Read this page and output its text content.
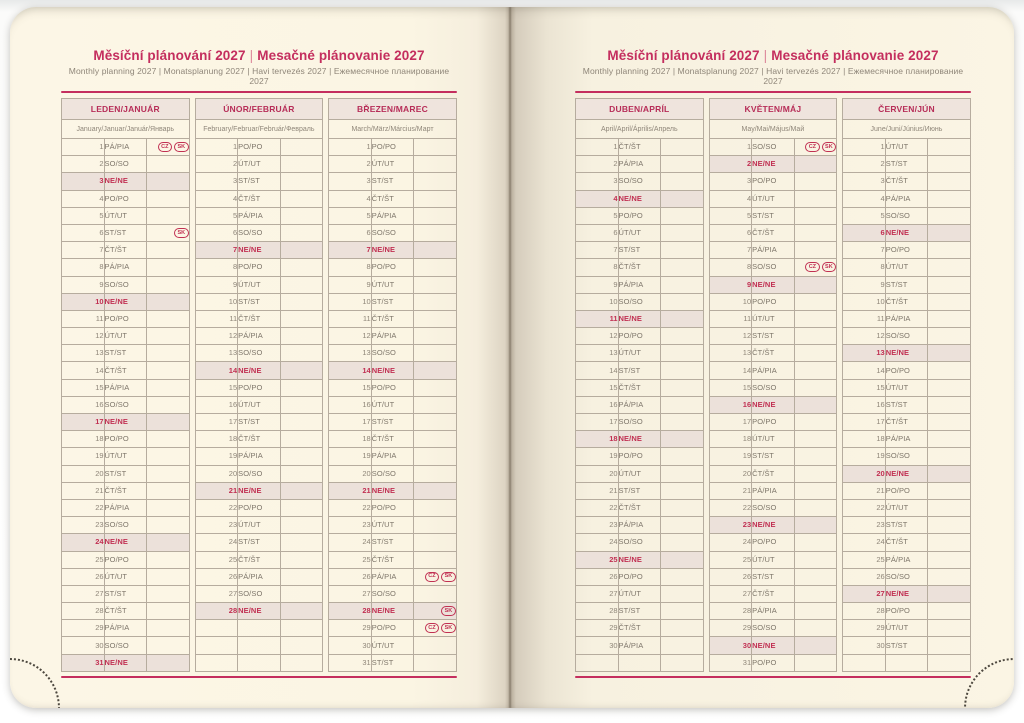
Měsíční plánování 2027 | Mesačné plánovanie 2027
Monthly planning 2027 | Monatsplanung 2027 | Havi tervezés 2027 | Ежемесячное планирование 2027
LEDEN/JANUÁR		
January/Januar/Január/Январь		
1	PÁ/PIA	CZ SK
2	SO/SO	
3	NE/NE	
4	PO/PO	
5	ÚT/UT	
6	ST/ST	SK
7	ČT/ŠT	
8	PÁ/PIA	
9	SO/SO	
10	NE/NE	
11	PO/PO	
12	ÚT/UT	
13	ST/ST	
14	ČT/ŠT	
15	PÁ/PIA	
16	SO/SO	
17	NE/NE	
18	PO/PO	
19	ÚT/UT	
20	ST/ST	
21	ČT/ŠT	
22	PÁ/PIA	
23	SO/SO	
24	NE/NE	
25	PO/PO	
26	ÚT/UT	
27	ST/ST	
28	ČT/ŠT	
29	PÁ/PIA	
30	SO/SO	
31	NE/NE	
ÚNOR/FEBRUÁR		
February/Februar/Február/Февраль		
1	PO/PO	
2	ÚT/UT	
3	ST/ST	
4	ČT/ŠT	
5	PÁ/PIA	
6	SO/SO	
7	NE/NE	
8	PO/PO	
9	ÚT/UT	
10	ST/ST	
11	ČT/ŠT	
12	PÁ/PIA	
13	SO/SO	
14	NE/NE	
15	PO/PO	
16	ÚT/UT	
17	ST/ST	
18	ČT/ŠT	
19	PÁ/PIA	
20	SO/SO	
21	NE/NE	
22	PO/PO	
23	ÚT/UT	
24	ST/ST	
25	ČT/ŠT	
26	PÁ/PIA	
27	SO/SO	
28	NE/NE	

BŘEZEN/MAREC		
March/März/Március/Март		
1	PO/PO	
2	ÚT/UT	
3	ST/ST	
4	ČT/ŠT	
5	PÁ/PIA	
6	SO/SO	
7	NE/NE	
8	PO/PO	
9	ÚT/UT	
10	ST/ST	
11	ČT/ŠT	
12	PÁ/PIA	
13	SO/SO	
14	NE/NE	
15	PO/PO	
16	ÚT/UT	
17	ST/ST	
18	ČT/ŠT	
19	PÁ/PIA	
20	SO/SO	
21	NE/NE	
22	PO/PO	
23	ÚT/UT	
24	ST/ST	
25	ČT/ŠT	
26	PÁ/PIA	CZ SK
27	SO/SO	
28	NE/NE	SK
29	PO/PO	CZ SK
30	ÚT/UT	
31	ST/ST	
Měsíční plánování 2027 | Mesačné plánovanie 2027
Monthly planning 2027 | Monatsplanung 2027 | Havi tervezés 2027 | Ежемесячное планирование 2027
DUBEN/APRÍL		
April/April/Április/Апрель		
1	ČT/ŠT	
2	PÁ/PIA	
3	SO/SO	
4	NE/NE	
5	PO/PO	
6	ÚT/UT	
7	ST/ST	
8	ČT/ŠT	
9	PÁ/PIA	
10	SO/SO	
11	NE/NE	
12	PO/PO	
13	ÚT/UT	
14	ST/ST	
15	ČT/ŠT	
16	PÁ/PIA	
17	SO/SO	
18	NE/NE	
19	PO/PO	
20	ÚT/UT	
21	ST/ST	
22	ČT/ŠT	
23	PÁ/PIA	
24	SO/SO	
25	NE/NE	
26	PO/PO	
27	ÚT/UT	
28	ST/ST	
29	ČT/ŠT	
30	PÁ/PIA	

KVĚTEN/MÁJ		
May/Mai/Május/Май		
1	SO/SO	CZ SK
2	NE/NE	
3	PO/PO	
4	ÚT/UT	
5	ST/ST	
6	ČT/ŠT	
7	PÁ/PIA	
8	SO/SO	CZ SK
9	NE/NE	
10	PO/PO	
11	ÚT/UT	
12	ST/ST	
13	ČT/ŠT	
14	PÁ/PIA	
15	SO/SO	
16	NE/NE	
17	PO/PO	
18	ÚT/UT	
19	ST/ST	
20	ČT/ŠT	
21	PÁ/PIA	
22	SO/SO	
23	NE/NE	
24	PO/PO	
25	ÚT/UT	
26	ST/ST	
27	ČT/ŠT	
28	PÁ/PIA	
29	SO/SO	
30	NE/NE	
31	PO/PO	
ČERVEN/JÚN		
June/Juni/Június/Июнь		
1	ÚT/UT	
2	ST/ST	
3	ČT/ŠT	
4	PÁ/PIA	
5	SO/SO	
6	NE/NE	
7	PO/PO	
8	ÚT/UT	
9	ST/ST	
10	ČT/ŠT	
11	PÁ/PIA	
12	SO/SO	
13	NE/NE	
14	PO/PO	
15	ÚT/UT	
16	ST/ST	
17	ČT/ŠT	
18	PÁ/PIA	
19	SO/SO	
20	NE/NE	
21	PO/PO	
22	ÚT/UT	
23	ST/ST	
24	ČT/ŠT	
25	PÁ/PIA	
26	SO/SO	
27	NE/NE	
28	PO/PO	
29	ÚT/UT	
30	ST/ST	
